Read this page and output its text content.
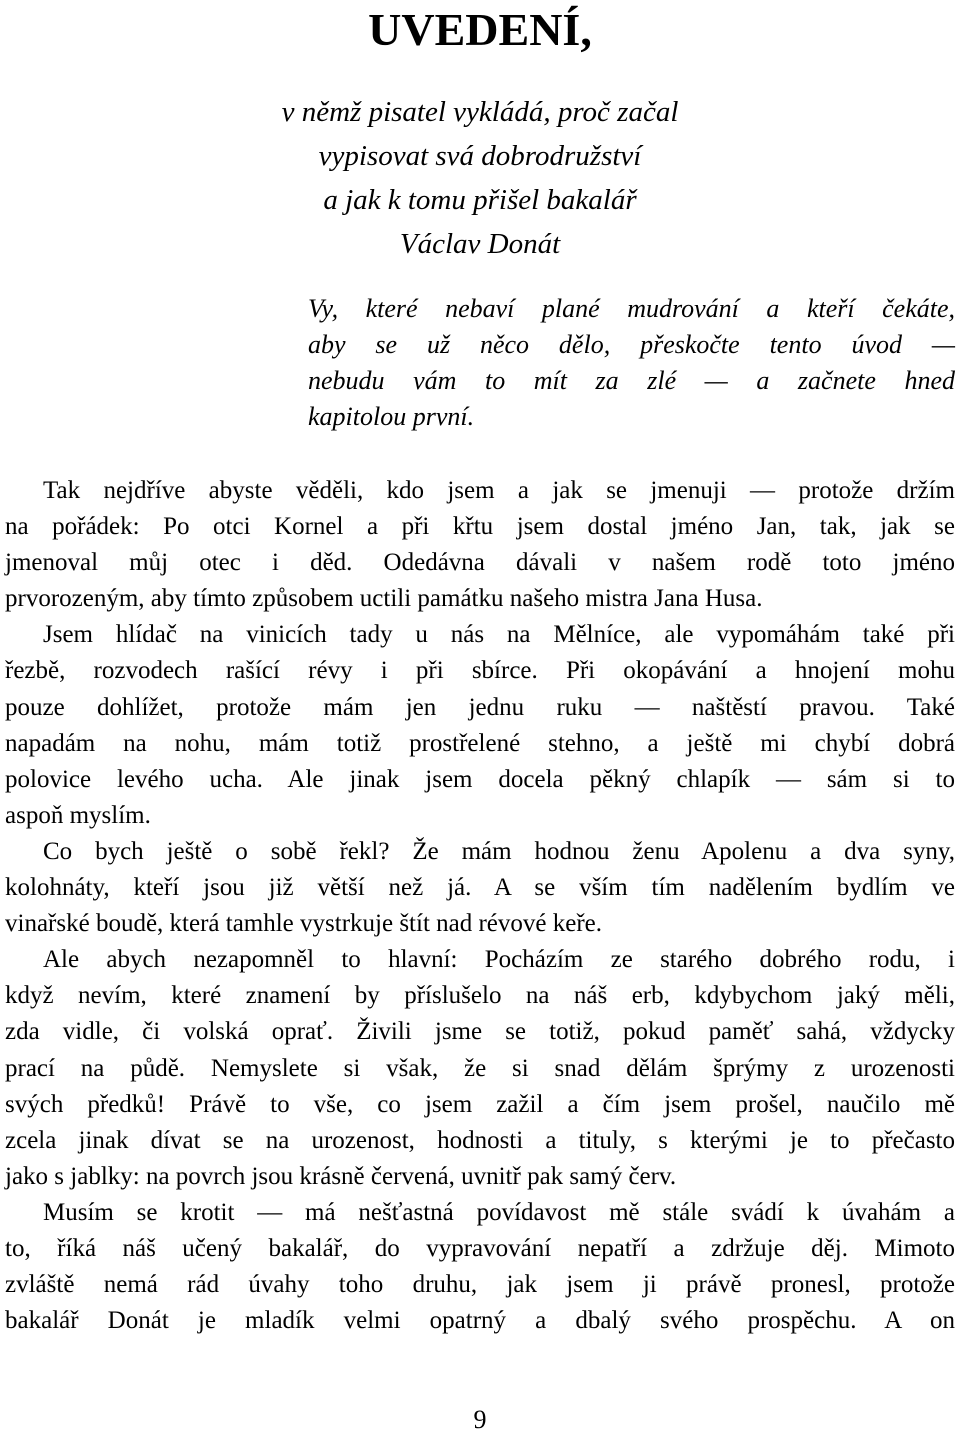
UVEDENÍ,
v němž pisatel vykládá, proč začal
vypisovat svá dobrodružství
a jak k tomu přišel bakalář
Václav Donát
Vy, které nebaví plané mudrování a kteří čekáte,
aby se už něco dělo, přeskočte tento úvod —
nebudu vám to mít za zlé — a začnete hned
kapitolou první.
Tak nejdříve abyste věděli, kdo jsem a jak se jmenuji — protože držím
na pořádek: Po otci Kornel a při křtu jsem dostal jméno Jan, tak, jak se
jmenoval můj otec i děd. Odedávna dávali v našem rodě toto jméno
prvorozeným, aby tímto způsobem uctili památku našeho mistra Jana Husa.
Jsem hlídač na vinicích tady u nás na Mělníce, ale vypomáhám také při
řezbě, rozvodech rašící révy i při sbírce. Při okopávání a hnojení mohu
pouze dohlížet, protože mám jen jednu ruku — naštěstí pravou. Také
napadám na nohu, mám totiž prostřelené stehno, a ještě mi chybí dobrá
polovice levého ucha. Ale jinak jsem docela pěkný chlapík — sám si to
aspoň myslím.
Co bych ještě o sobě řekl? Že mám hodnou ženu Apolenu a dva syny,
kolohnáty, kteří jsou již větší než já. A se vším tím nadělením bydlím ve
vinařské boudě, která tamhle vystrkuje štít nad révové keře.
Ale abych nezapomněl to hlavní: Pocházím ze starého dobrého rodu, i
když nevím, které znamení by příslušelo na náš erb, kdybychom jaký měli,
zda vidle, či volská oprať. Živili jsme se totiž, pokud paměť sahá, vždycky
prací na půdě. Nemyslete si však, že si snad dělám šprýmy z urozenosti
svých předků! Právě to vše, co jsem zažil a čím jsem prošel, naučilo mě
zcela jinak dívat se na urozenost, hodnosti a tituly, s kterými je to přečasto
jako s jablky: na povrch jsou krásně červená, uvnitř pak samý červ.
Musím se krotit — má nešťastná povídavost mě stále svádí k úvahám a
to, říká náš učený bakalář, do vypravování nepatří a zdržuje děj. Mimoto
zvláště nemá rád úvahy toho druhu, jak jsem ji právě pronesl, protože
bakalář Donát je mladík velmi opatrný a dbalý svého prospěchu. A on
9
